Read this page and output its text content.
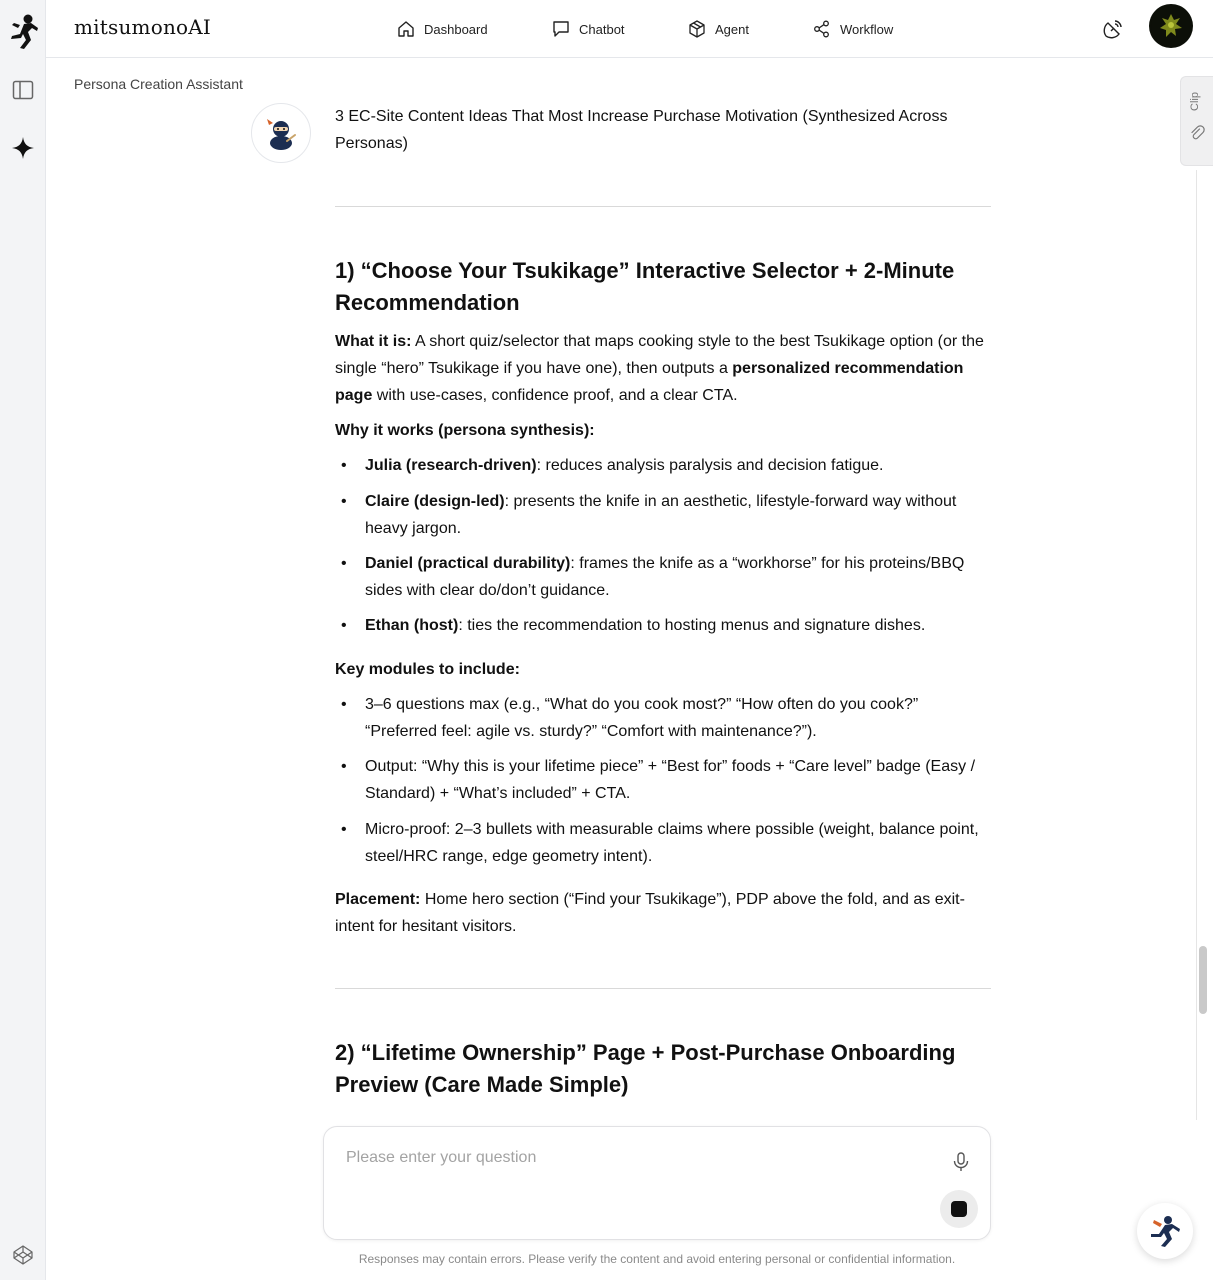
mitsumonoAI	Dashboard	Chatbot	Agent	Workflow
Persona Creation Assistant
Clip

3 EC-Site Content Ideas That Most Increase Purchase Motivation (Synthesized Across Personas)

1) “Choose Your Tsukikage” Interactive Selector + 2-Minute Recommendation

What it is: A short quiz/selector that maps cooking style to the best Tsukikage option (or the single “hero” Tsukikage if you have one), then outputs a personalized recommendation page with use-cases, confidence proof, and a clear CTA.

Why it works (persona synthesis):

• Julia (research-driven): reduces analysis paralysis and decision fatigue.
• Claire (design-led): presents the knife in an aesthetic, lifestyle-forward way without heavy jargon.
• Daniel (practical durability): frames the knife as a “workhorse” for his proteins/BBQ sides with clear do/don’t guidance.
• Ethan (host): ties the recommendation to hosting menus and signature dishes.

Key modules to include:

• 3–6 questions max (e.g., “What do you cook most?” “How often do you cook?” “Preferred feel: agile vs. sturdy?” “Comfort with maintenance?”).
• Output: “Why this is your lifetime piece” + “Best for” foods + “Care level” badge (Easy / Standard) + “What’s included” + CTA.
• Micro-proof: 2–3 bullets with measurable claims where possible (weight, balance point, steel/HRC range, edge geometry intent).

Placement: Home hero section (“Find your Tsukikage”), PDP above the fold, and as exit-intent for hesitant visitors.

2) “Lifetime Ownership” Page + Post-Purchase Onboarding Preview (Care Made Simple)
Please enter your question
Responses may contain errors. Please verify the content and avoid entering personal or confidential information.
